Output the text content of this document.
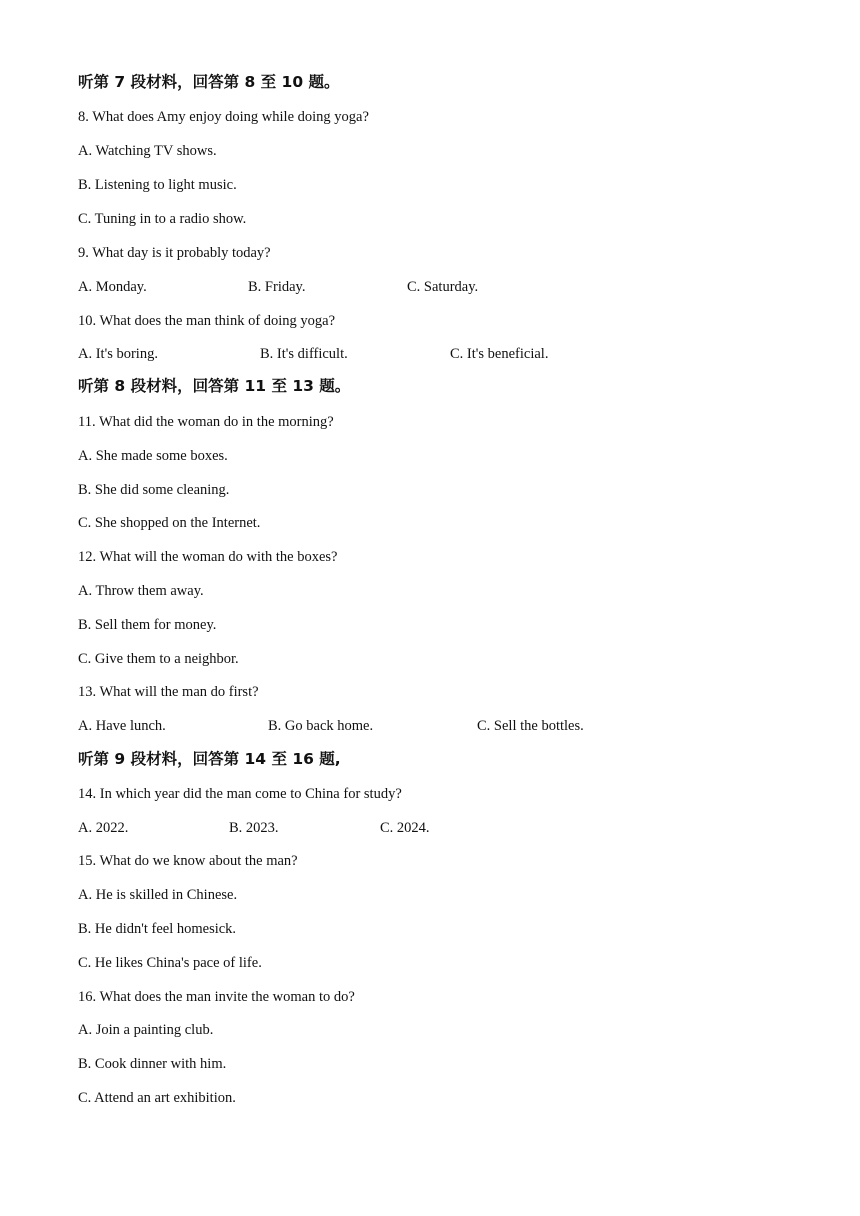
听第 7 段材料，回答第 8 至 10 题。
8. What does Amy enjoy doing while doing yoga?
A. Watching TV shows.
B. Listening to light music.
C. Tuning in to a radio show.
9. What day is it probably today?
A. Monday.	B. Friday.	C. Saturday.
10. What does the man think of doing yoga?
A. It's boring.	B. It's difficult.	C. It's beneficial.
听第 8 段材料，回答第 11 至 13 题。
11. What did the woman do in the morning?
A. She made some boxes.
B. She did some cleaning.
C. She shopped on the Internet.
12. What will the woman do with the boxes?
A. Throw them away.
B. Sell them for money.
C. Give them to a neighbor.
13. What will the man do first?
A. Have lunch.	B. Go back home.	C. Sell the bottles.
听第 9 段材料，回答第 14 至 16 题,
14. In which year did the man come to China for study?
A. 2022.	B. 2023.	C. 2024.
15. What do we know about the man?
A. He is skilled in Chinese.
B. He didn't feel homesick.
C. He likes China's pace of life.
16. What does the man invite the woman to do?
A. Join a painting club.
B. Cook dinner with him.
C. Attend an art exhibition.
